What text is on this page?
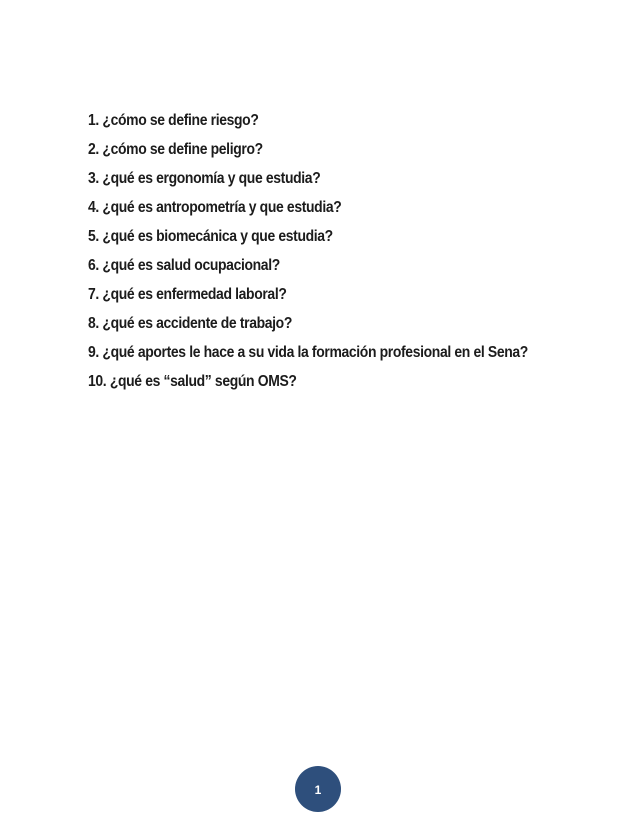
1. ¿cómo se define riesgo?
2. ¿cómo se define peligro?
3. ¿qué es ergonomía y que estudia?
4. ¿qué es antropometría y que estudia?
5. ¿qué es biomecánica y que estudia?
6. ¿qué es salud ocupacional?
7. ¿qué es enfermedad laboral?
8. ¿qué es accidente de trabajo?
9. ¿qué aportes le hace a su vida la formación profesional en el Sena?
10. ¿qué es “salud” según OMS?
1
